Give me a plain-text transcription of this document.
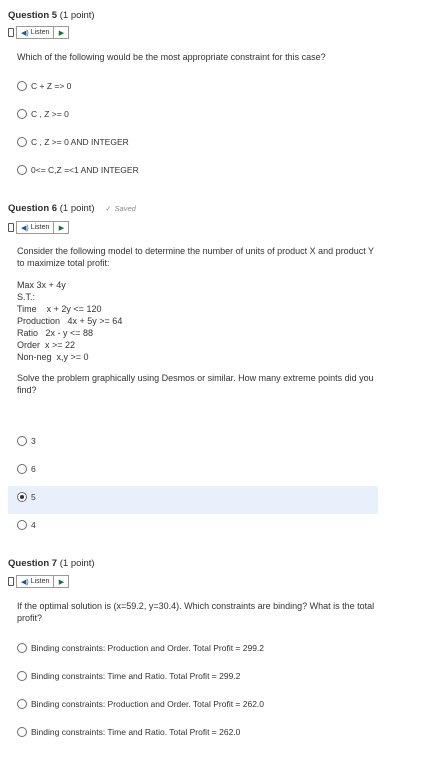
Question 5 (1 point)
◀) Listen	▶
Which of the following would be the most appropriate constraint for this case?
C + Z => 0
C , Z >= 0
C , Z >= 0 AND INTEGER
0<= C,Z =<1 AND INTEGER
Question 6 (1 point) ✓ Saved
◀) Listen	▶
Consider the following model to determine the number of units of product X and product Y to maximize total profit:
Max 3x + 4y
S.T.:
Time    x + 2y <= 120
Production   4x + 5y >= 64
Ratio   2x - y <= 88
Order  x >= 22
Non-neg  x,y >= 0
Solve the problem graphically using Desmos or similar. How many extreme points did you find?
3
6
5
4
Question 7 (1 point)
◀) Listen	▶
If the optimal solution is (x=59.2, y=30.4). Which constraints are binding? What is the total profit?
Binding constraints: Production and Order. Total Profit = 299.2
Binding constraints: Time and Ratio. Total Profit = 299.2
Binding constraints: Production and Order. Total Profit = 262.0
Binding constraints: Time and Ratio. Total Profit = 262.0
